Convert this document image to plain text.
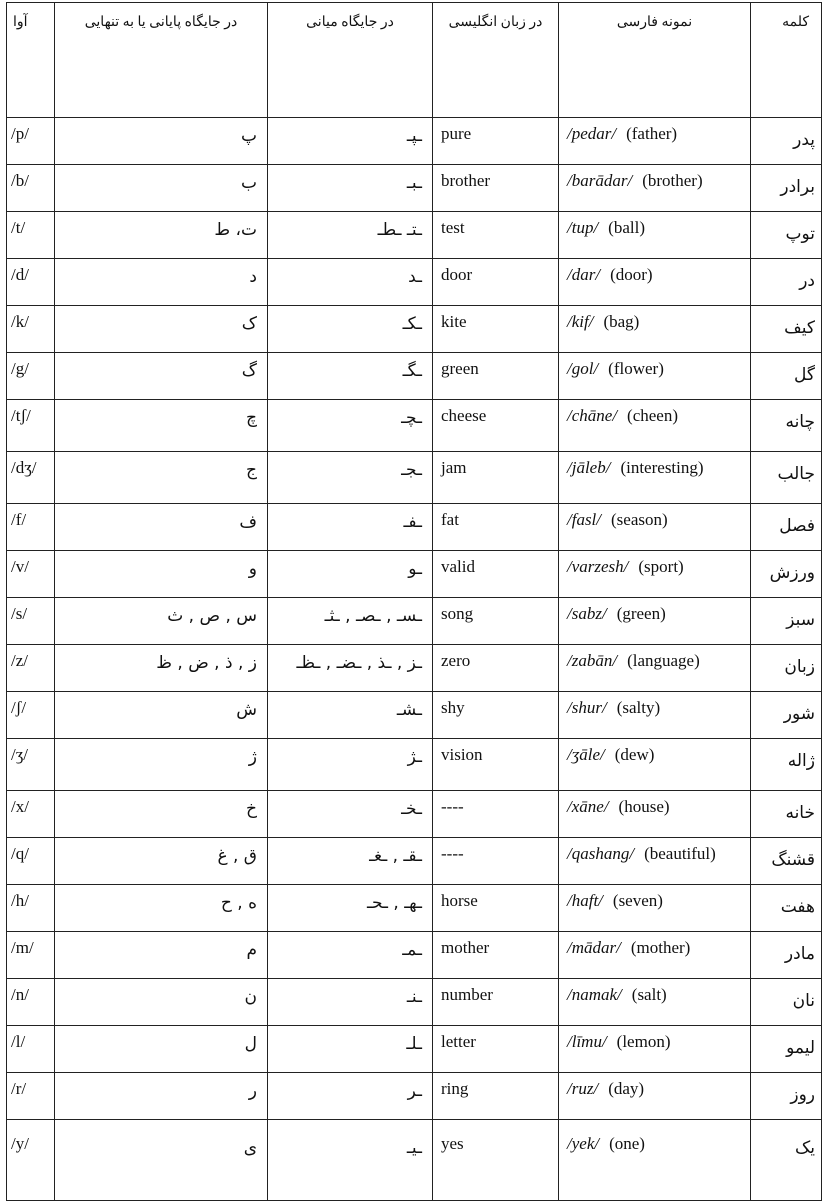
آوا	در جایگاه پایانی یا به تنهایی	در جایگاه میانی	در زبان انگلیسی	نمونه فارسی	کلمه
/p/	پ	ـپـ	pure	/pedar/ (father)	پدر
/b/	ب	ـبـ	brother	/barādar/ (brother)	برادر
/t/	ت، ط	ـتـ ـطـ	test	/tup/ (ball)	توپ
/d/	د	ـد	door	/dar/ (door)	در
/k/	ک	ـکـ	kite	/kif/ (bag)	کیف
/g/	گ	ـگـ	green	/gol/ (flower)	گل
/tʃ/	چ	ـچـ	cheese	/chāne/ (cheen)	چانه
/dʒ/	ج	ـجـ	jam	/jāleb/ (interesting)	جالب
/f/	ف	ـفـ	fat	/fasl/ (season)	فصل
/v/	و	ـو	valid	/varzesh/ (sport)	ورزش
/s/	س , ص , ث	ـسـ , ـصـ , ـثـ	song	/sabz/ (green)	سبز
/z/	ز , ذ , ض , ظ	ـز , ـذ , ـضـ , ـظـ	zero	/zabān/ (language)	زبان
/ʃ/	ش	ـشـ	shy	/shur/ (salty)	شور
/ʒ/	ژ	ـژ	vision	/ʒāle/ (dew)	ژاله
/x/	خ	ـخـ	----	/xāne/ (house)	خانه
/q/	ق , غ	ـقـ , ـغـ	----	/qashang/ (beautiful)	قشنگ
/h/	ه , ح	ـهـ , ـحـ	horse	/haft/ (seven)	هفت
/m/	م	ـمـ	mother	/mādar/ (mother)	مادر
/n/	ن	ـنـ	number	/namak/ (salt)	نان
/l/	ل	ـلـ	letter	/līmu/ (lemon)	لیمو
/r/	ر	ـر	ring	/ruz/ (day)	روز
/y/	ی	ـیـ	yes	/yek/ (one)	یک
